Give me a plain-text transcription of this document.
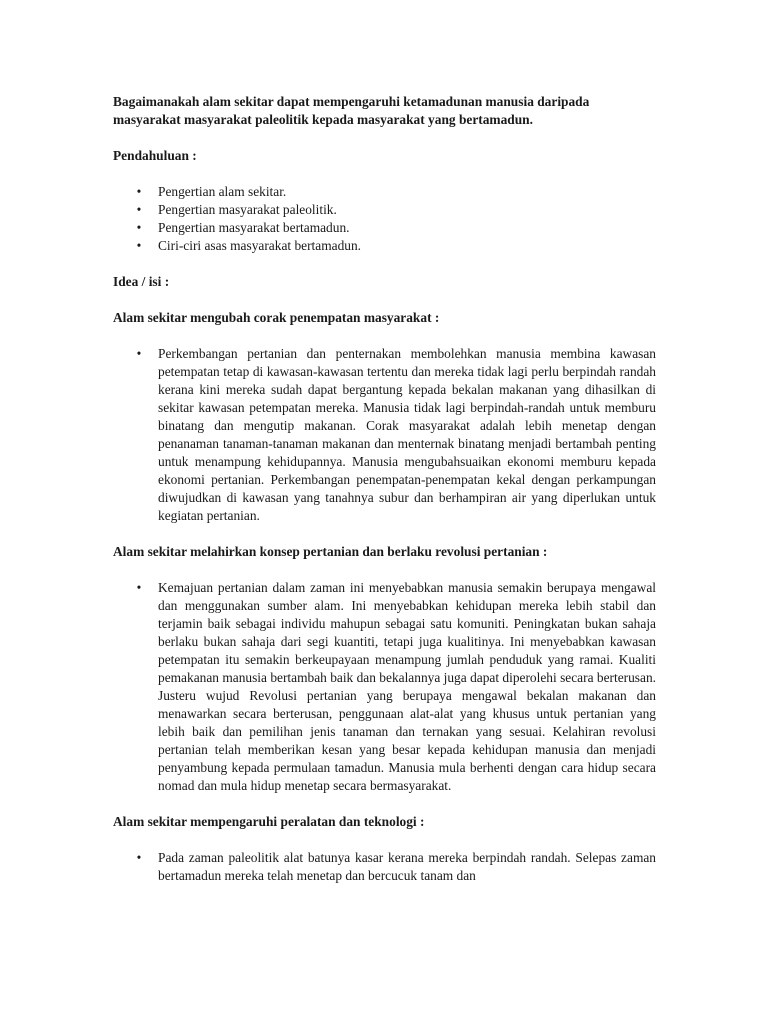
Bagaimanakah alam sekitar dapat mempengaruhi ketamadunan manusia daripada masyarakat masyarakat paleolitik kepada masyarakat yang bertamadun.

Pendahuluan :

• Pengertian alam sekitar.
• Pengertian masyarakat paleolitik.
• Pengertian masyarakat bertamadun.
• Ciri-ciri asas masyarakat bertamadun.

Idea / isi :

Alam sekitar mengubah corak penempatan masyarakat :

• Perkembangan pertanian dan penternakan membolehkan manusia membina kawasan petempatan tetap di kawasan-kawasan tertentu dan mereka tidak lagi perlu berpindah randah kerana kini mereka sudah dapat bergantung kepada bekalan makanan yang dihasilkan di sekitar kawasan petempatan mereka. Manusia tidak lagi berpindah-randah untuk memburu binatang dan mengutip makanan. Corak masyarakat adalah lebih menetap dengan penanaman tanaman-tanaman makanan dan menternak binatang menjadi bertambah penting untuk menampung kehidupannya. Manusia mengubahsuaikan ekonomi memburu kepada ekonomi pertanian. Perkembangan penempatan-penempatan kekal dengan perkampungan diwujudkan di kawasan yang tanahnya subur dan berhampiran air yang diperlukan untuk kegiatan pertanian.

Alam sekitar melahirkan konsep pertanian dan berlaku revolusi pertanian :

• Kemajuan pertanian dalam zaman ini menyebabkan manusia semakin berupaya mengawal dan menggunakan sumber alam. Ini menyebabkan kehidupan mereka lebih stabil dan terjamin baik sebagai individu mahupun sebagai satu komuniti. Peningkatan bukan sahaja berlaku bukan sahaja dari segi kuantiti, tetapi juga kualitinya. Ini menyebabkan kawasan petempatan itu semakin berkeupayaan menampung jumlah penduduk yang ramai. Kualiti pemakanan manusia bertambah baik dan bekalannya juga dapat diperolehi secara berterusan. Justeru wujud Revolusi pertanian yang berupaya mengawal bekalan makanan dan menawarkan secara berterusan, penggunaan alat-alat yang khusus untuk pertanian yang lebih baik dan pemilihan jenis tanaman dan ternakan yang sesuai. Kelahiran revolusi pertanian telah memberikan kesan yang besar kepada kehidupan manusia dan menjadi penyambung kepada permulaan tamadun. Manusia mula berhenti dengan cara hidup secara nomad dan mula hidup menetap secara bermasyarakat.

Alam sekitar mempengaruhi peralatan dan teknologi :

• Pada zaman paleolitik alat batunya kasar kerana mereka berpindah randah. Selepas zaman bertamadun mereka telah menetap dan bercucuk tanam dan
